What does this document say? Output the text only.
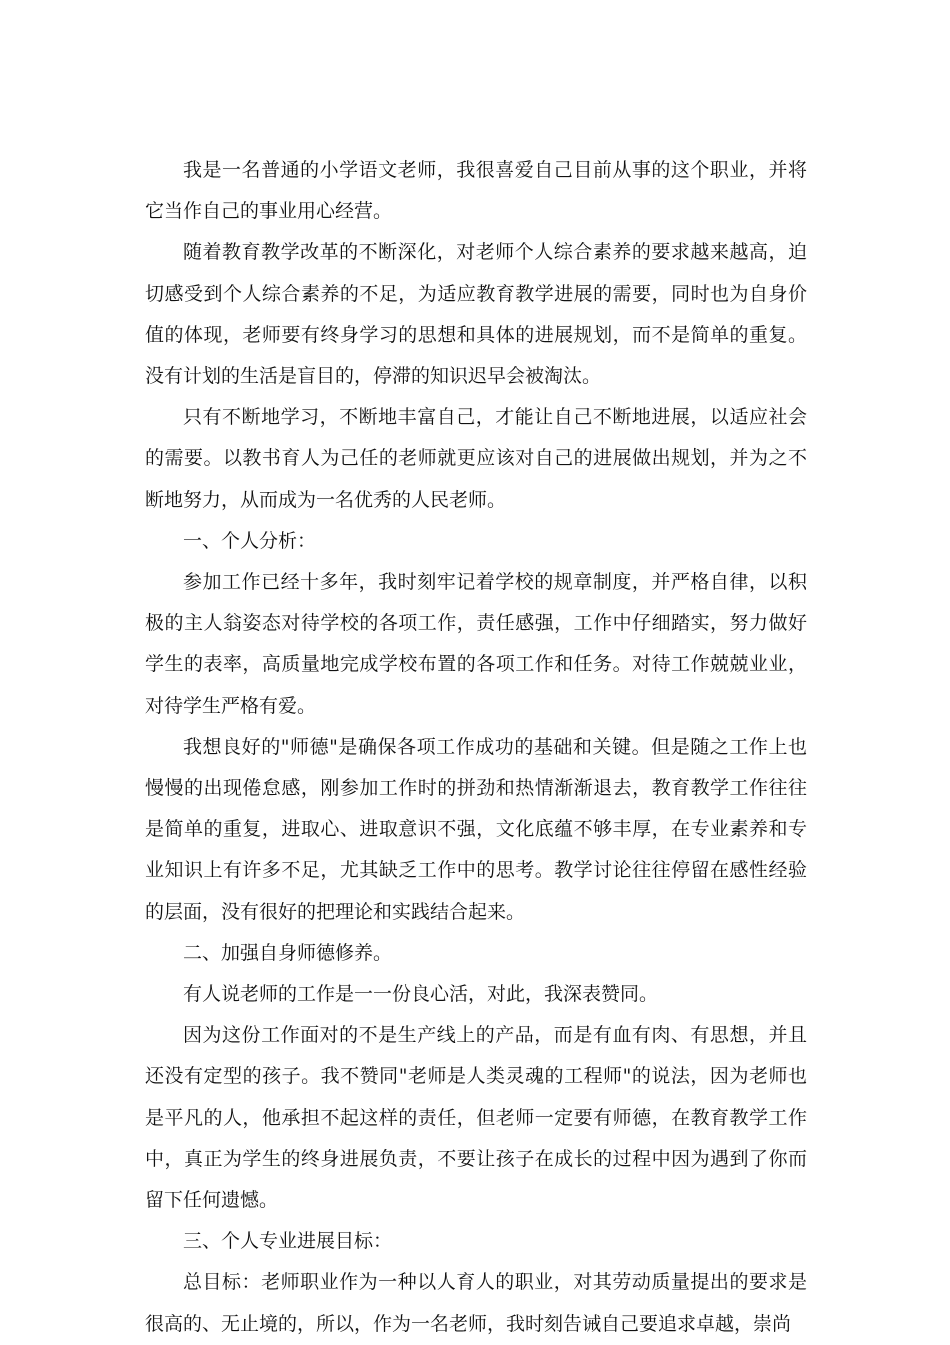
我是一名普通的小学语文老师，我很喜爱自己目前从事的这个职业，并将它当作自己的事业用心经营。

随着教育教学改革的不断深化，对老师个人综合素养的要求越来越高，迫切感受到个人综合素养的不足，为适应教育教学进展的需要，同时也为自身价值的体现，老师要有终身学习的思想和具体的进展规划，而不是简单的重复。没有计划的生活是盲目的，停滞的知识迟早会被淘汰。

只有不断地学习，不断地丰富自己，才能让自己不断地进展，以适应社会的需要。以教书育人为己任的老师就更应该对自己的进展做出规划，并为之不断地努力，从而成为一名优秀的人民老师。

一、个人分析：

参加工作已经十多年，我时刻牢记着学校的规章制度，并严格自律，以积极的主人翁姿态对待学校的各项工作，责任感强，工作中仔细踏实，努力做好学生的表率，高质量地完成学校布置的各项工作和任务。对待工作兢兢业业，对待学生严格有爱。

我想良好的"师德"是确保各项工作成功的基础和关键。但是随之工作上也慢慢的出现倦怠感，刚参加工作时的拼劲和热情渐渐退去，教育教学工作往往是简单的重复，进取心、进取意识不强，文化底蕴不够丰厚，在专业素养和专业知识上有许多不足，尤其缺乏工作中的思考。教学讨论往往停留在感性经验的层面，没有很好的把理论和实践结合起来。

二、加强自身师德修养。

有人说老师的工作是一一份良心活，对此，我深表赞同。

因为这份工作面对的不是生产线上的产品，而是有血有肉、有思想，并且还没有定型的孩子。我不赞同"老师是人类灵魂的工程师"的说法，因为老师也是平凡的人，他承担不起这样的责任，但老师一定要有师德，在教育教学工作中，真正为学生的终身进展负责，不要让孩子在成长的过程中因为遇到了你而留下任何遗憾。

三、个人专业进展目标：

总目标：老师职业作为一种以人育人的职业，对其劳动质量提出的要求是很高的、无止境的，所以，作为一名老师，我时刻告诫自己要追求卓越，崇尚
